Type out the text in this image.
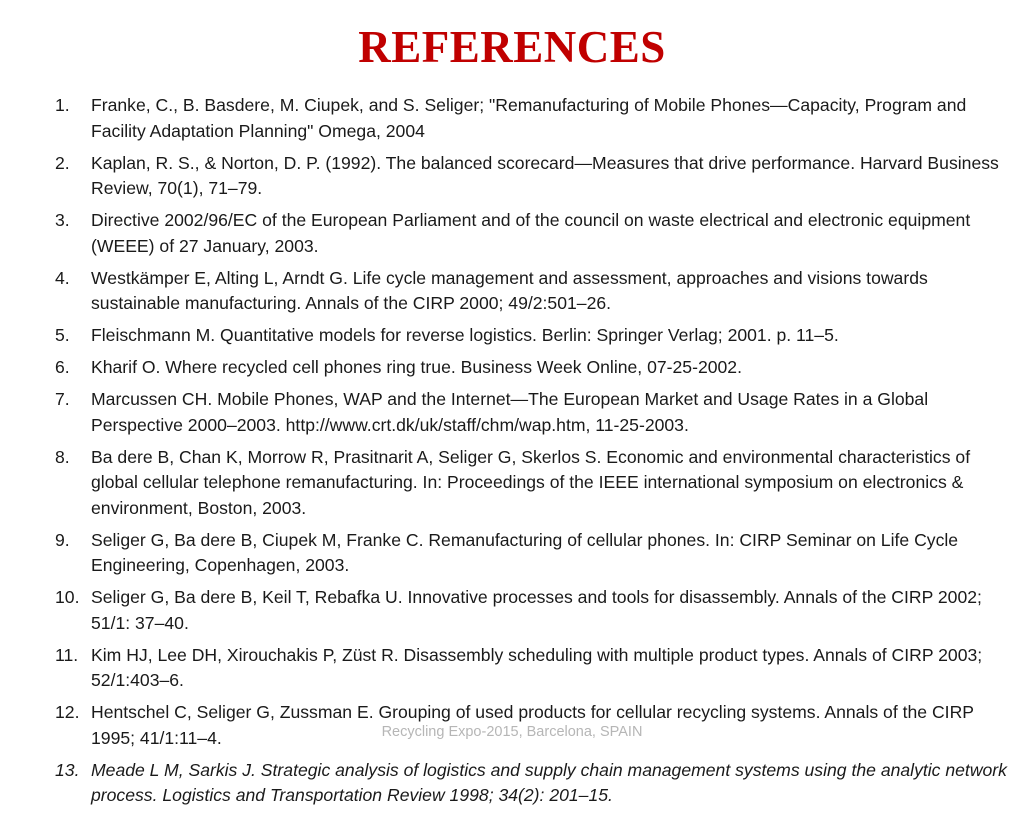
REFERENCES
1.	Franke, C., B. Basdere, M. Ciupek, and S. Seliger; "Remanufacturing of Mobile Phones—Capacity, Program and Facility Adaptation Planning" Omega, 2004
2.	Kaplan, R. S., & Norton, D. P. (1992). The balanced scorecard—Measures that drive performance. Harvard Business Review, 70(1), 71–79.
3.	Directive 2002/96/EC of the European Parliament and of the council on waste electrical and electronic equipment (WEEE) of 27 January, 2003.
4.	Westkämper E, Alting L, Arndt G. Life cycle management and assessment, approaches and visions towards sustainable manufacturing. Annals of the CIRP 2000; 49/2:501–26.
5.	Fleischmann M. Quantitative models for reverse logistics. Berlin: Springer Verlag; 2001. p. 11–5.
6.	Kharif O. Where recycled cell phones ring true. Business Week Online, 07-25-2002.
7.	Marcussen CH. Mobile Phones, WAP and the Internet—The European Market and Usage Rates in a Global Perspective 2000–2003. http://www.crt.dk/uk/staff/chm/wap.htm, 11-25-2003.
8.	Ba dere B, Chan K, Morrow R, Prasitnarit A, Seliger G, Skerlos S. Economic and environmental characteristics of global cellular telephone remanufacturing. In: Proceedings of the IEEE international symposium on electronics & environment, Boston, 2003.
9.	Seliger G, Ba dere B, Ciupek M, Franke C. Remanufacturing of cellular phones. In: CIRP Seminar on Life Cycle Engineering, Copenhagen, 2003.
10. Seliger G, Ba dere B, Keil T, Rebafka U. Innovative processes and tools for disassembly. Annals of the CIRP 2002; 51/1: 37–40.
11. Kim HJ, Lee DH, Xirouchakis P, Züst R. Disassembly scheduling with multiple product types. Annals of CIRP 2003; 52/1:403–6.
12. Hentschel C, Seliger G, Zussman E. Grouping of used products for cellular recycling systems. Annals of the CIRP 1995; 41/1:11–4.
13. Meade L M, Sarkis J. Strategic analysis of logistics and supply chain management systems using the analytic network process. Logistics and Transportation Review 1998; 34(2): 201–15.
Recycling Expo-2015, Barcelona, SPAIN
